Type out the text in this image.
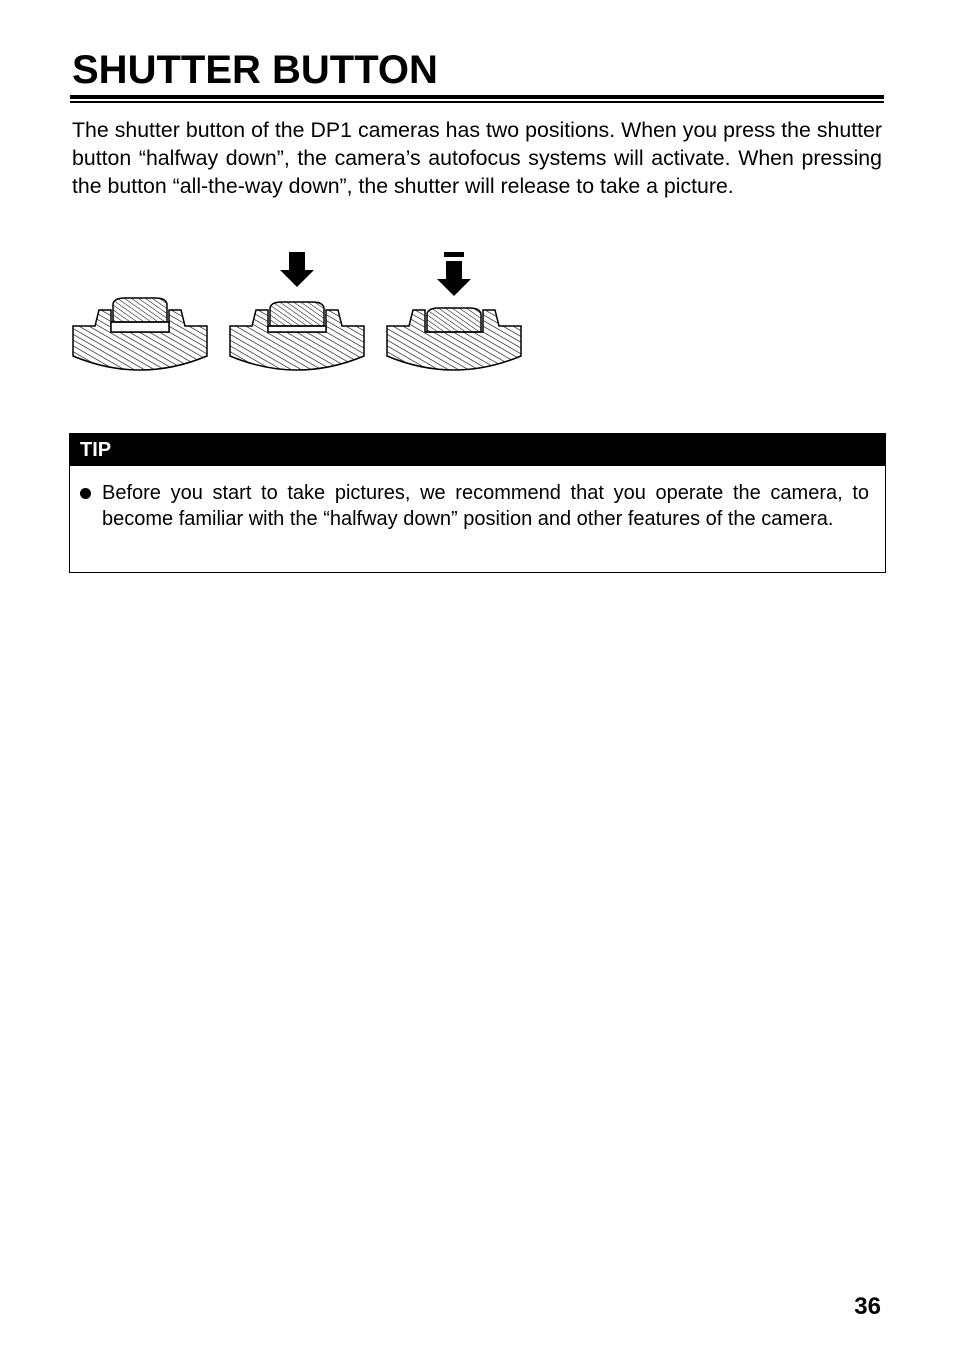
SHUTTER BUTTON

The shutter button of the DP1 cameras has two positions. When you press the shutter button “halfway down”, the camera’s autofocus systems will activate. When pressing the button “all-the-way down”, the shutter will release to take a picture.

TIP
Before you start to take pictures, we recommend that you operate the camera, to become familiar with the “halfway down” position and other features of the camera.
36
